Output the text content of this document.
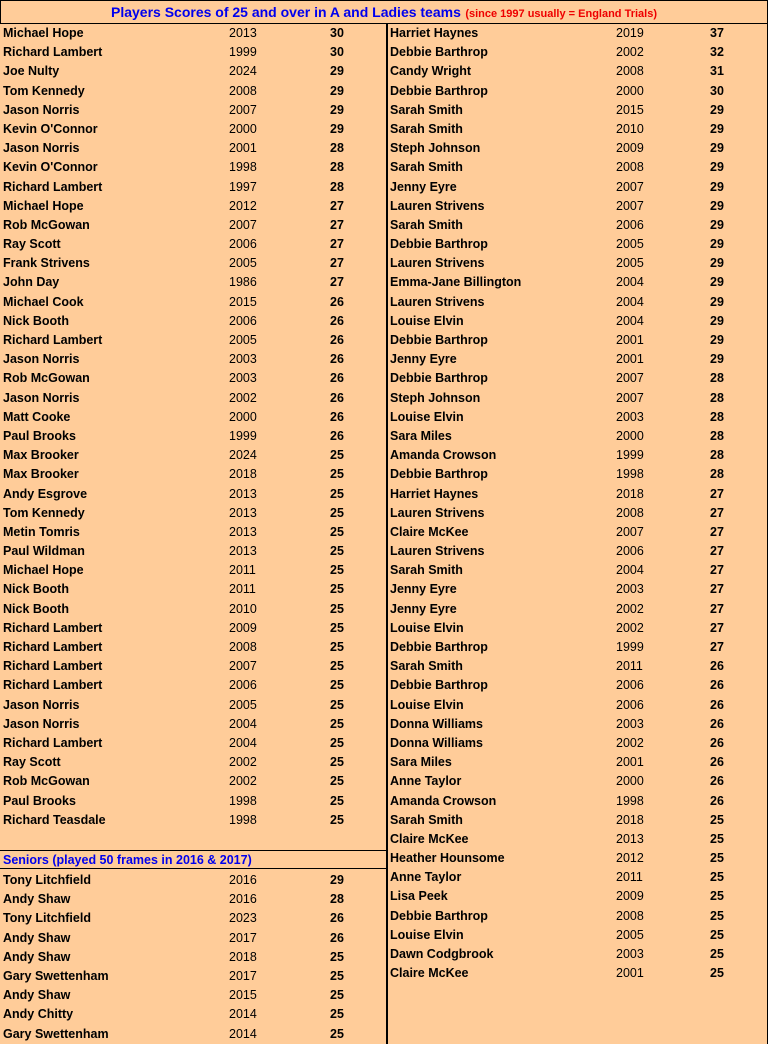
Players Scores of 25 and over in A and Ladies teams (since 1997 usually = England Trials)
Michael Hope	2013	30
Richard Lambert	1999	30
Joe Nulty	2024	29
Tom Kennedy	2008	29
Jason Norris	2007	29
Kevin O'Connor	2000	29
Jason Norris	2001	28
Kevin O'Connor	1998	28
Richard Lambert	1997	28
Michael Hope	2012	27
Rob McGowan	2007	27
Ray Scott	2006	27
Frank Strivens	2005	27
John Day	1986	27
Michael Cook	2015	26
Nick Booth	2006	26
Richard Lambert	2005	26
Jason Norris	2003	26
Rob McGowan	2003	26
Jason Norris	2002	26
Matt Cooke	2000	26
Paul Brooks	1999	26
Max Brooker	2024	25
Max Brooker	2018	25
Andy Esgrove	2013	25
Tom Kennedy	2013	25
Metin Tomris	2013	25
Paul Wildman	2013	25
Michael Hope	2011	25
Nick Booth	2011	25
Nick Booth	2010	25
Richard Lambert	2009	25
Richard Lambert	2008	25
Richard Lambert	2007	25
Richard Lambert	2006	25
Jason Norris	2005	25
Jason Norris	2004	25
Richard Lambert	2004	25
Ray Scott	2002	25
Rob McGowan	2002	25
Paul Brooks	1998	25
Richard Teasdale	1998	25
Seniors (played 50 frames in 2016 & 2017)
Tony Litchfield	2016	29
Andy Shaw	2016	28
Tony Litchfield	2023	26
Andy Shaw	2017	26
Andy Shaw	2018	25
Gary Swettenham	2017	25
Andy Shaw	2015	25
Andy Chitty	2014	25
Gary Swettenham	2014	25
Harriet Haynes	2019	37
Debbie Barthrop	2002	32
Candy Wright	2008	31
Debbie Barthrop	2000	30
Sarah Smith	2015	29
Sarah Smith	2010	29
Steph Johnson	2009	29
Sarah Smith	2008	29
Jenny Eyre	2007	29
Lauren Strivens	2007	29
Sarah Smith	2006	29
Debbie Barthrop	2005	29
Lauren Strivens	2005	29
Emma-Jane Billington	2004	29
Lauren Strivens	2004	29
Louise Elvin	2004	29
Debbie Barthrop	2001	29
Jenny Eyre	2001	29
Debbie Barthrop	2007	28
Steph Johnson	2007	28
Louise Elvin	2003	28
Sara Miles	2000	28
Amanda Crowson	1999	28
Debbie Barthrop	1998	28
Harriet Haynes	2018	27
Lauren Strivens	2008	27
Claire McKee	2007	27
Lauren Strivens	2006	27
Sarah Smith	2004	27
Jenny Eyre	2003	27
Jenny Eyre	2002	27
Louise Elvin	2002	27
Debbie Barthrop	1999	27
Sarah Smith	2011	26
Debbie Barthrop	2006	26
Louise Elvin	2006	26
Donna Williams	2003	26
Donna Williams	2002	26
Sara Miles	2001	26
Anne Taylor	2000	26
Amanda Crowson	1998	26
Sarah Smith	2018	25
Claire McKee	2013	25
Heather Hounsome	2012	25
Anne Taylor	2011	25
Lisa Peek	2009	25
Debbie Barthrop	2008	25
Louise Elvin	2005	25
Dawn Codgbrook	2003	25
Claire McKee	2001	25
